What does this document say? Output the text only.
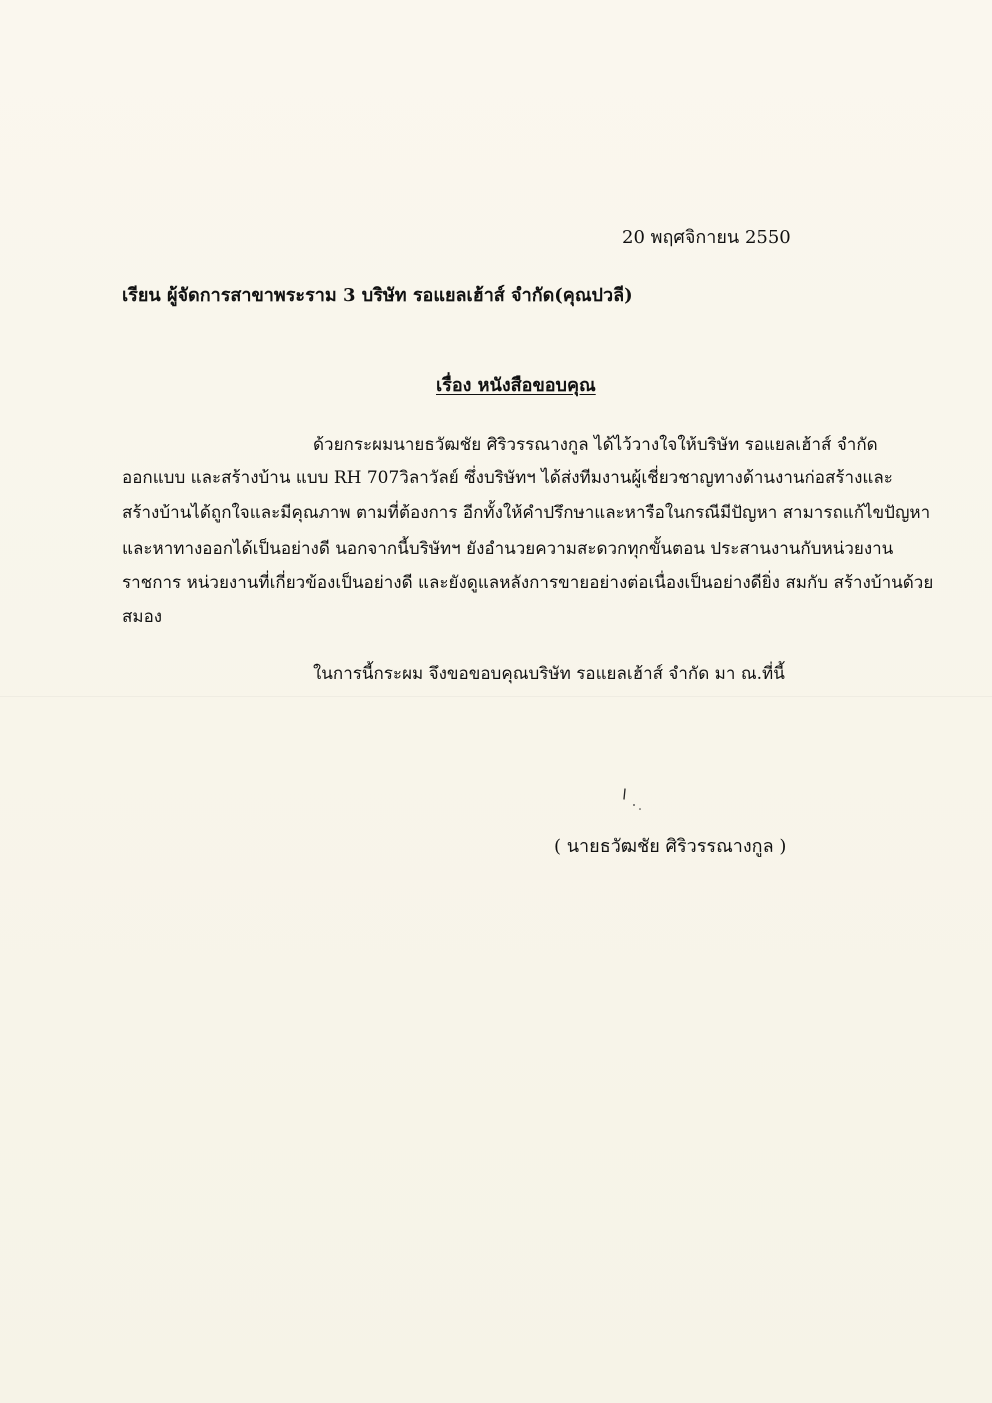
20 พฤศจิกายน 2550
เรียน ผู้จัดการสาขาพระราม 3 บริษัท รอแยลเฮ้าส์ จำกัด(คุณปวลี)
เรื่อง หนังสือขอบคุณ
ด้วยกระผมนายธวัฒชัย ศิริวรรณางกูล ได้ไว้วางใจให้บริษัท รอแยลเฮ้าส์ จำกัด
ออกแบบ และสร้างบ้าน แบบ RH 707วิลาวัลย์ ซึ่งบริษัทฯ ได้ส่งทีมงานผู้เชี่ยวชาญทางด้านงานก่อสร้างและ
สร้างบ้านได้ถูกใจและมีคุณภาพ ตามที่ต้องการ อีกทั้งให้คำปรึกษาและหารือในกรณีมีปัญหา สามารถแก้ไขปัญหา
และหาทางออกได้เป็นอย่างดี นอกจากนี้บริษัทฯ ยังอำนวยความสะดวกทุกขั้นตอน ประสานงานกับหน่วยงาน
ราชการ หน่วยงานที่เกี่ยวข้องเป็นอย่างดี และยังดูแลหลังการขายอย่างต่อเนื่องเป็นอย่างดียิ่ง สมกับ สร้างบ้านด้วย
สมอง
ในการนี้กระผม จึงขอขอบคุณบริษัท รอแยลเฮ้าส์ จำกัด มา ณ.ที่นี้
( นายธวัฒชัย ศิริวรรณางกูล )
